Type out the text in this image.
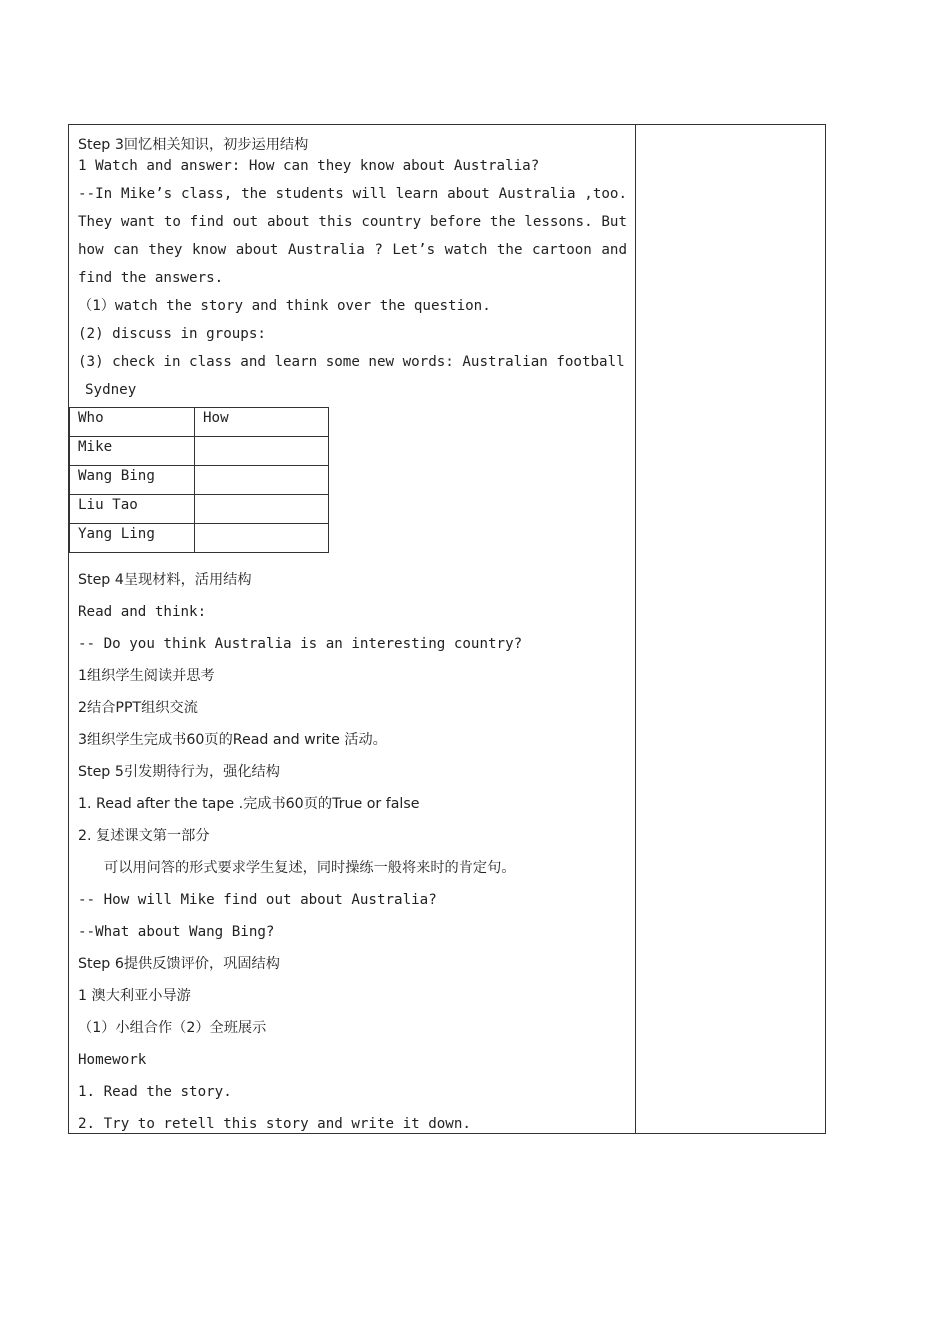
Step 3回忆相关知识，初步运用结构
1 Watch and answer: How can they know about Australia?
--In Mike’s class, the students will learn about Australia ,too.
They want to find out about this country before the lessons. But
how can they know about Australia ? Let’s watch the cartoon and
find the answers.
（1）watch the story and think over the question.
(2) discuss in groups:
(3) check in class and learn some new words: Australian football
Sydney
Step 4呈现材料，活用结构
Read and think:
-- Do you think Australia is an interesting country?
1组织学生阅读并思考
2结合PPT组织交流
3组织学生完成书60页的Read and write 活动。
Step 5引发期待行为，强化结构
1. Read after the tape .完成书60页的True or false
2. 复述课文第一部分
可以用问答的形式要求学生复述，同时操练一般将来时的肯定句。
-- How will Mike find out about Australia?
--What about Wang Bing?
Step 6提供反馈评价，巩固结构
1 澳大利亚小导游
（1）小组合作（2）全班展示
Homework
1. Read the story.
2. Try to retell this story and write it down.
Who	How
Mike	
Wang Bing	
Liu Tao	
Yang Ling	
